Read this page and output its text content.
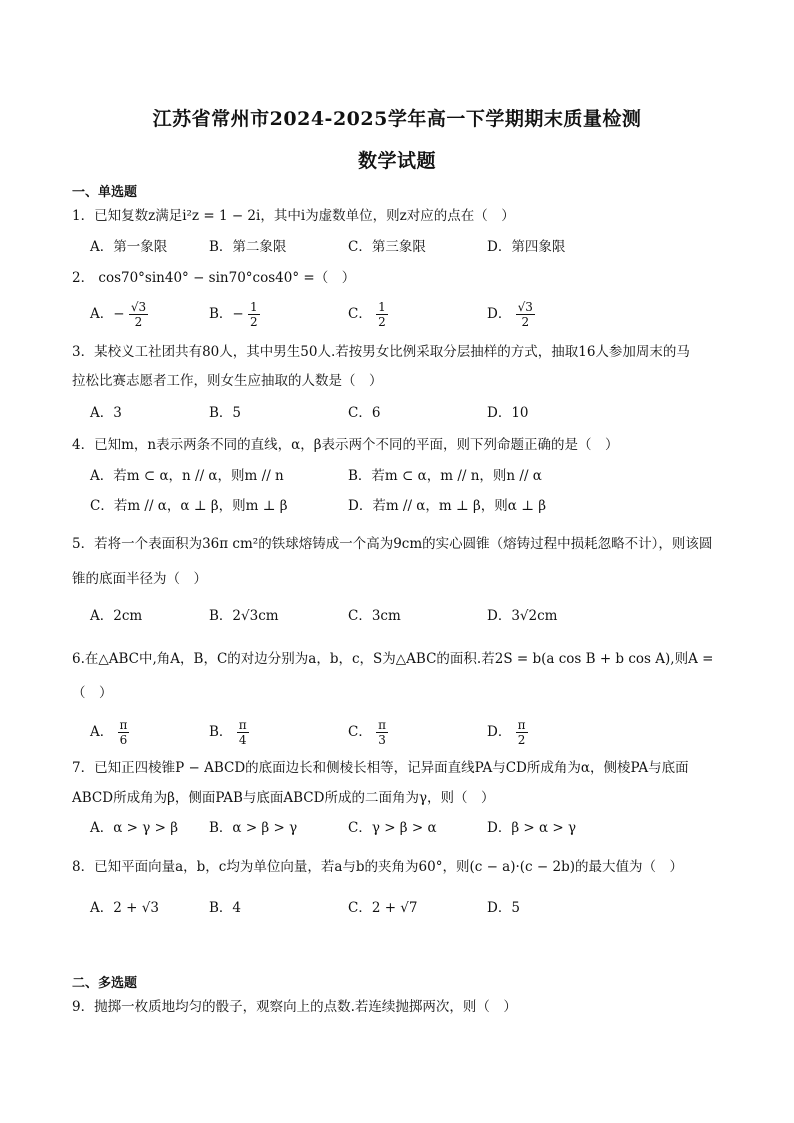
江苏省常州市2024-2025学年高一下学期期末质量检测
数学试题
一、单选题
1．已知复数z满足i²z = 1 − 2i，其中i为虚数单位，则z对应的点在（　）
A．第一象限	B．第二象限	C．第三象限	D．第四象限
2． cos70°sin40° − sin70°cos40° =（　）
A．− $\frac{√3}{2}$	B．− $\frac{1}{2}$	C． $\frac{1}{2}$	D． $\frac{√3}{2}$
3．某校义工社团共有80人，其中男生50人.若按男女比例采取分层抽样的方式，抽取16人参加周末的马
拉松比赛志愿者工作，则女生应抽取的人数是（　）
A．3	B．5	C．6	D．10
4．已知m，n表示两条不同的直线，α，β表示两个不同的平面，则下列命题正确的是（　）
A．若m ⊂ α，n // α，则m // n	B．若m ⊂ α，m // n，则n // α
C．若m // α，α ⊥ β，则m ⊥ β	D．若m // α，m ⊥ β，则α ⊥ β
5．若将一个表面积为36π cm²的铁球熔铸成一个高为9cm的实心圆锥（熔铸过程中损耗忽略不计），则该圆
锥的底面半径为（　）
A．2cm	B．2√3cm	C．3cm	D．3√2cm
6.在△ABC中,角A，B，C的对边分别为a，b，c，S为△ABC的面积.若2S = b(a cos B + b cos A),则A =
（　）
A． $\frac{\pi}{6}$	B． $\frac{\pi}{4}$	C． $\frac{\pi}{3}$	D． $\frac{\pi}{2}$
7．已知正四棱锥P − ABCD的底面边长和侧棱长相等，记异面直线PA与CD所成角为α，侧棱PA与底面
ABCD所成角为β，侧面PAB与底面ABCD所成的二面角为γ，则（　）
A．α > γ > β B．α > β > γ	C．γ > β > α	D．β > α > γ
8．已知平面向量a，b，c均为单位向量，若a与b的夹角为60°，则(c − a)·(c − 2b)的最大值为（　）
A．2 + √3	B．4	C．2 + √7	D．5
二、多选题
9．抛掷一枚质地均匀的骰子，观察向上的点数.若连续抛掷两次，则（　）
